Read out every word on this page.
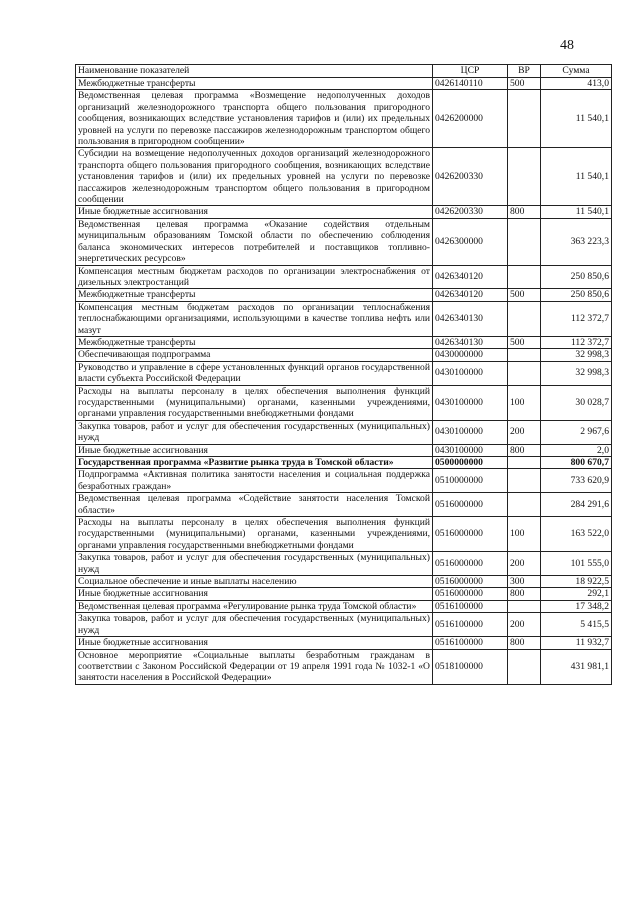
48
Наименование показателей	ЦСР	ВР	Сумма
Межбюджетные трансферты	0426140110	500	413,0
Ведомственная целевая программа «Возмещение недополученных доходов организаций железнодорожного транспорта общего пользования пригородного сообщения, возникающих вследствие установления тарифов и (или) их предельных уровней на услуги по перевозке пассажиров железнодорожным транспортом общего пользования в пригородном сообщении»	0426200000		11 540,1
Субсидии на возмещение недополученных доходов организаций железнодорожного транспорта общего пользования пригородного сообщения, возникающих вследствие установления тарифов и (или) их предельных уровней на услуги по перевозке пассажиров железнодорожным транспортом общего пользования в пригородном сообщении	0426200330		11 540,1
Иные бюджетные ассигнования	0426200330	800	11 540,1
Ведомственная целевая программа «Оказание содействия отдельным муниципальным образованиям Томской области по обеспечению соблюдения баланса экономических интересов потребителей и поставщиков топливно-энергетических ресурсов»	0426300000		363 223,3
Компенсация местным бюджетам расходов по организации электроснабжения от дизельных электростанций	0426340120		250 850,6
Межбюджетные трансферты	0426340120	500	250 850,6
Компенсация местным бюджетам расходов по организации теплоснабжения теплоснабжающими организациями, использующими в качестве топлива нефть или мазут	0426340130		112 372,7
Межбюджетные трансферты	0426340130	500	112 372,7
Обеспечивающая подпрограмма	0430000000		32 998,3
Руководство и управление в сфере установленных функций органов государственной власти субъекта Российской Федерации	0430100000		32 998,3
Расходы на выплаты персоналу в целях обеспечения выполнения функций государственными (муниципальными) органами, казенными учреждениями, органами управления государственными внебюджетными фондами	0430100000	100	30 028,7
Закупка товаров, работ и услуг для обеспечения государственных (муниципальных) нужд	0430100000	200	2 967,6
Иные бюджетные ассигнования	0430100000	800	2,0
Государственная программа «Развитие рынка труда в Томской области»	0500000000		800 670,7
Подпрограмма «Активная политика занятости населения и социальная поддержка безработных граждан»	0510000000		733 620,9
Ведомственная целевая программа «Содействие занятости населения Томской области»	0516000000		284 291,6
Расходы на выплаты персоналу в целях обеспечения выполнения функций государственными (муниципальными) органами, казенными учреждениями, органами управления государственными внебюджетными фондами	0516000000	100	163 522,0
Закупка товаров, работ и услуг для обеспечения государственных (муниципальных) нужд	0516000000	200	101 555,0
Социальное обеспечение и иные выплаты населению	0516000000	300	18 922,5
Иные бюджетные ассигнования	0516000000	800	292,1
Ведомственная целевая программа «Регулирование рынка труда Томской области»	0516100000		17 348,2
Закупка товаров, работ и услуг для обеспечения государственных (муниципальных) нужд	0516100000	200	5 415,5
Иные бюджетные ассигнования	0516100000	800	11 932,7
Основное мероприятие «Социальные выплаты безработным гражданам в соответствии с Законом Российской Федерации от 19 апреля 1991 года № 1032-1 «О занятости населения в Российской Федерации»	0518100000		431 981,1
